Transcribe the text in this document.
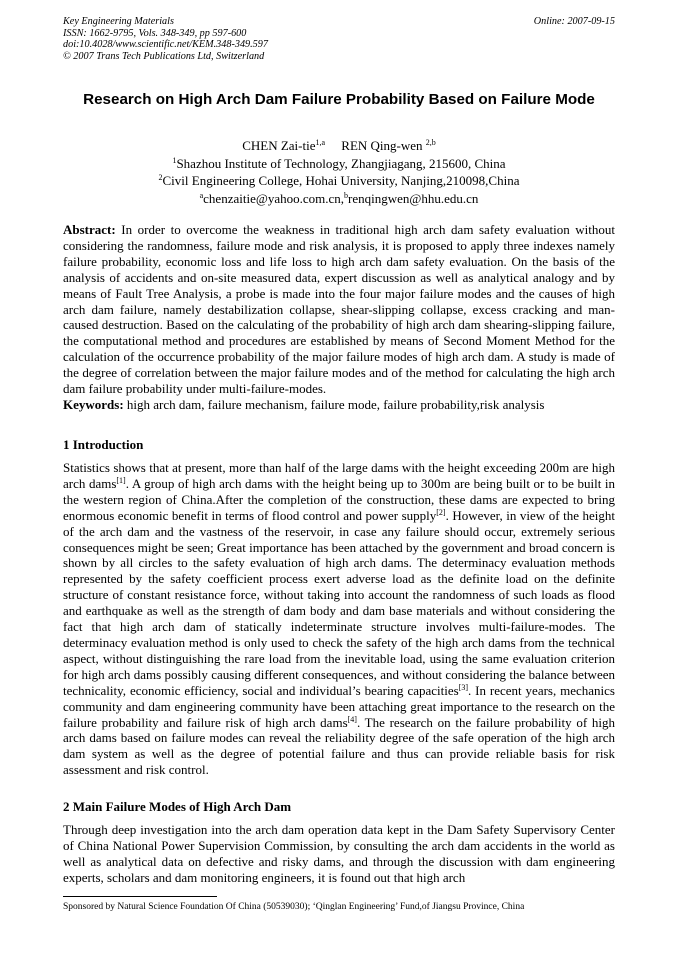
Key Engineering Materials
ISSN: 1662-9795, Vols. 348-349, pp 597-600
doi:10.4028/www.scientific.net/KEM.348-349.597
© 2007 Trans Tech Publications Ltd, Switzerland
Online: 2007-09-15
Research on High Arch Dam Failure Probability Based on Failure Mode
CHEN Zai-tie$^{1,a}$ REN Qing-wen $^{2,b}$
$^1$Shazhou Institute of Technology, Zhangjiagang, 215600, China
$^2$Civil Engineering College, Hohai University, Nanjing,210098,China
$^a$chenzaitie@yahoo.com.cn,$^b$renqingwen@hhu.edu.cn
Abstract: In order to overcome the weakness in traditional high arch dam safety evaluation without considering the randomness, failure mode and risk analysis, it is proposed to apply three indexes namely failure probability, economic loss and life loss to high arch dam safety evaluation. On the basis of the analysis of accidents and on-site measured data, expert discussion as well as analytical analogy and by means of Fault Tree Analysis, a probe is made into the four major failure modes and the causes of high arch dam failure, namely destabilization collapse, shear-slipping collapse, excess cracking and man-caused destruction. Based on the calculating of the probability of high arch dam shearing-slipping failure, the computational method and procedures are established by means of Second Moment Method for the calculation of the occurrence probability of the major failure modes of high arch dam. A study is made of the degree of correlation between the major failure modes and of the method for calculating the high arch dam failure probability under multi-failure-modes.
Keywords: high arch dam, failure mechanism, failure mode, failure probability,risk analysis
1 Introduction
Statistics shows that at present, more than half of the large dams with the height exceeding 200m are high arch dams[1]. A group of high arch dams with the height being up to 300m are being built or to be built in the western region of China.After the completion of the construction, these dams are expected to bring enormous economic benefit in terms of flood control and power supply[2]. However, in view of the height of the arch dam and the vastness of the reservoir, in case any failure should occur, extremely serious consequences might be seen; Great importance has been attached by the government and broad concern is shown by all circles to the safety evaluation of high arch dams. The determinacy evaluation methods represented by the safety coefficient process exert adverse load as the definite load on the definite structure of constant resistance force, without taking into account the randomness of such loads as flood and earthquake as well as the strength of dam body and dam base materials and without considering the fact that high arch dam of statically indeterminate structure involves multi-failure-modes. The determinacy evaluation method is only used to check the safety of the high arch dams from the technical aspect, without distinguishing the rare load from the inevitable load, using the same evaluation criterion for high arch dams possibly causing different consequences, and without considering the balance between technicality, economic efficiency, social and individual’s bearing capacities[3]. In recent years, mechanics community and dam engineering community have been attaching great importance to the research on the failure probability and failure risk of high arch dams[4]. The research on the failure probability of high arch dams based on failure modes can reveal the reliability degree of the safe operation of the high arch dam system as well as the degree of potential failure and thus can provide reliable basis for risk assessment and risk control.
2 Main Failure Modes of High Arch Dam
Through deep investigation into the arch dam operation data kept in the Dam Safety Supervisory Center of China National Power Supervision Commission, by consulting the arch dam accidents in the world as well as analytical data on defective and risky dams, and through the discussion with dam engineering experts, scholars and dam monitoring engineers, it is found out that high arch
Sponsored by Natural Science Foundation Of China (50539030); ‘Qinglan Engineering’ Fund,of Jiangsu Province, China
